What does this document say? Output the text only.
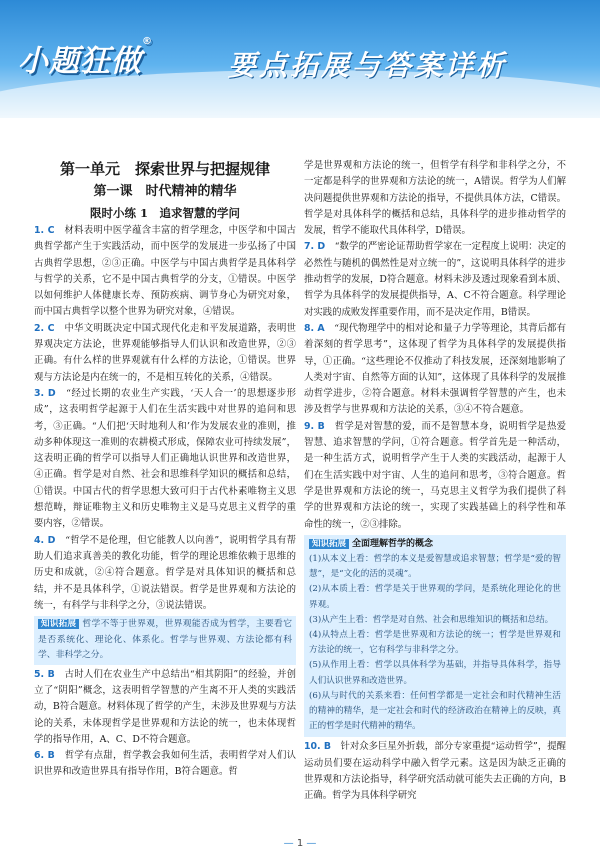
小题狂做®
要点拓展与答案详析
第一单元　探索世界与把握规律
第一课　时代精神的精华
限时小练 1　追求智慧的学问

1. C　 材料表明中医学蕴含丰富的哲学理念，中医学和中国古典哲学都产生于实践活动，而中医学的发展进一步弘扬了中国古典哲学思想，②③正确。中医学与中国古典哲学是具体科学与哲学的关系，它不是中国古典哲学的分支，①错误。中医学以如何维护人体健康长寿、预防疾病、调节身心为研究对象，而中国古典哲学以整个世界为研究对象，④错误。

2. C　 中华文明既决定中国式现代化走和平发展道路，表明世界观决定方法论，世界观能够指导人们认识和改造世界，②③正确。有什么样的世界观就有什么样的方法论，①错误。世界观与方法论是内在统一的，不是相互转化的关系，④错误。

3. D　 “经过长期的农业生产实践，‘天人合一’的思想逐步形成”，这表明哲学起源于人们在生活实践中对世界的追问和思考，③正确。“人们把‘天时地利人和’作为发展农业的准则，推动多种体现这一准则的农耕模式形成，保障农业可持续发展”，这表明正确的哲学可以指导人们正确地认识世界和改造世界，④正确。哲学是对自然、社会和思维科学知识的概括和总结，①错误。中国古代的哲学思想大致可归于古代朴素唯物主义思想范畴，辩证唯物主义和历史唯物主义是马克思主义哲学的重要内容，②错误。

4. D　 “哲学不是伦理，但它能教人以向善”，说明哲学具有帮助人们追求真善美的教化功能，哲学的理论思维依赖于思维的历史和成就，②④符合题意。哲学是对具体知识的概括和总结，并不是具体科学，①说法错误。哲学是世界观和方法论的统一，有科学与非科学之分，③说法错误。

知识拓展 哲学不等于世界观，世界观能否成为哲学，主要看它是否系统化、理论化、体系化。哲学与世界观、方法论都有科学、非科学之分。

5. B　 古时人们在农业生产中总结出“相其阴阳”的经验，并创立了“阴阳”概念，这表明哲学智慧的产生离不开人类的实践活动，B符合题意。材料体现了哲学的产生，未涉及世界观与方法论的关系，未体现哲学是世界观和方法论的统一，也未体现哲学的指导作用，A、C、D不符合题意。

6. B　 哲学有点甜，哲学教会我如何生活，表明哲学对人们认识世界和改造世界具有指导作用，B符合题意。哲

学是世界观和方法论的统一，但哲学有科学和非科学之分，不一定都是科学的世界观和方法论的统一，A错误。哲学为人们解决问题提供世界观和方法论的指导，不提供具体方法，C错误。哲学是对具体科学的概括和总结，具体科学的进步推动哲学的发展，哲学不能取代具体科学，D错误。

7. D　 “数学的严密论证帮助哲学家在一定程度上说明：决定的必然性与随机的偶然性是对立统一的”，这说明具体科学的进步推动哲学的发展，D符合题意。材料未涉及透过现象看到本质、哲学为具体科学的发展提供指导，A、C不符合题意。科学理论对实践的成败发挥重要作用，而不是决定作用，B错误。

8. A　 “现代物理学中的相对论和量子力学等理论，其背后都有着深刻的哲学思考”，这体现了哲学为具体科学的发展提供指导，①正确。“这些理论不仅推动了科技发展，还深刻地影响了人类对宇宙、自然等方面的认知”，这体现了具体科学的发展推动哲学进步，②符合题意。材料未强调哲学智慧的产生，也未涉及哲学与世界观和方法论的关系，③④不符合题意。

9. B　 哲学是对智慧的爱，而不是智慧本身，说明哲学是热爱智慧、追求智慧的学问，①符合题意。哲学首先是一种活动，是一种生活方式，说明哲学产生于人类的实践活动，起源于人们在生活实践中对宇宙、人生的追问和思考，③符合题意。哲学是世界观和方法论的统一，马克思主义哲学为我们提供了科学的世界观和方法论的统一，实现了实践基础上的科学性和革命性的统一，②③排除。

知识拓展 全面理解哲学的概念

(1)从本义上看：哲学的本义是爱智慧或追求智慧；哲学是“爱的智慧”，是“文化的活的灵魂”。

(2)从本质上看：哲学是关于世界观的学问，是系统化理论化的世界观。

(3)从产生上看：哲学是对自然、社会和思维知识的概括和总结。

(4)从特点上看：哲学是世界观和方法论的统一；哲学是世界观和方法论的统一，它有科学与非科学之分。

(5)从作用上看：哲学以具体科学为基础，并指导具体科学，指导人们认识世界和改造世界。

(6)从与时代的关系来看：任何哲学都是一定社会和时代精神生活的精神的精华，是一定社会和时代的经济政治在精神上的反映，真正的哲学是时代精神的精华。

10. B　 针对众多巨星外折载，部分专家重提“运动哲学”，提醒运动员们要在运动科学中融入哲学元素。这是因为缺乏正确的世界观和方法论指导，科学研究活动就可能失去正确的方向，B正确。哲学为具体科学研究

— 1 —
